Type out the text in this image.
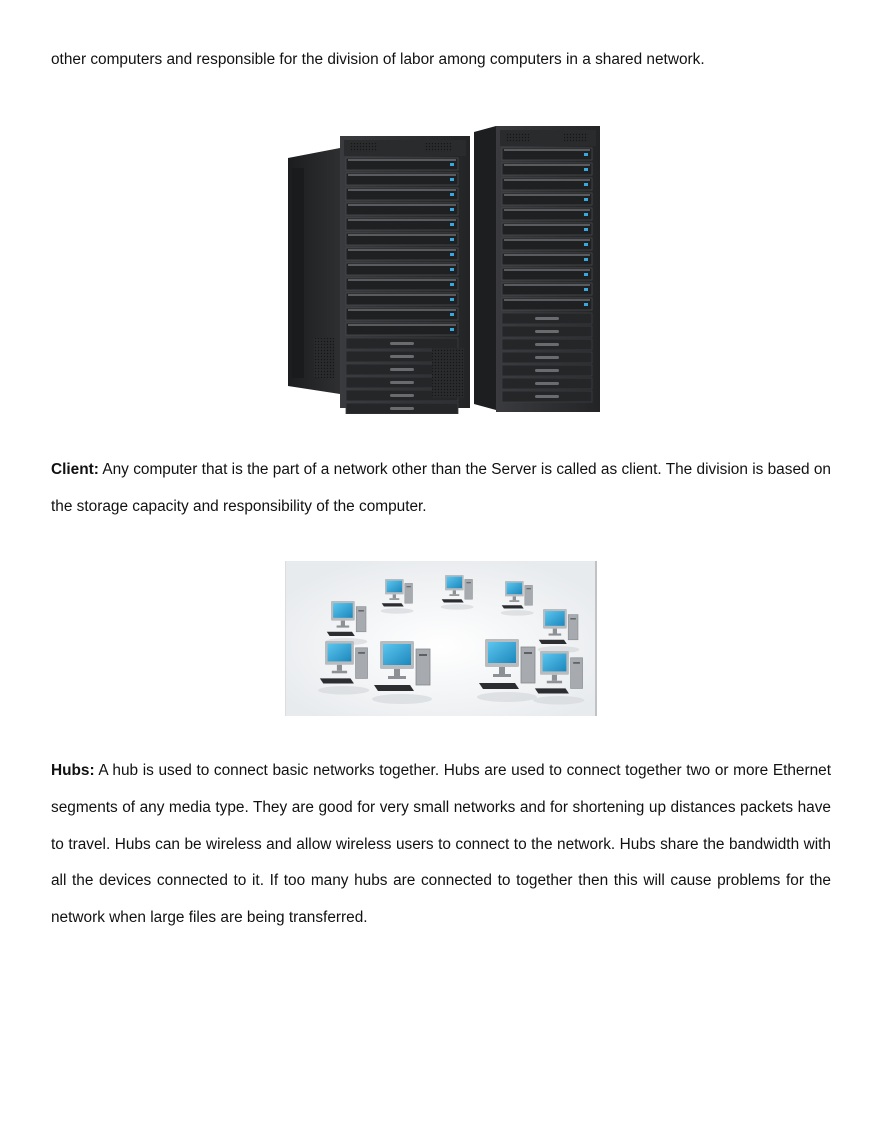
other computers and responsible for the division of labor among computers in a shared network.

Client: Any computer that is the part of a network other than the Server is called as client. The division is based on the storage capacity and responsibility of the computer.

Hubs: A hub is used to connect basic networks together. Hubs are used to connect together two or more Ethernet segments of any media type. They are good for very small networks and for shortening up distances packets have to travel. Hubs can be wireless and allow wireless users to connect to the network. Hubs share the bandwidth with all the devices connected to it. If too many hubs are connected to together then this will cause problems for the network when large files are being transferred.
